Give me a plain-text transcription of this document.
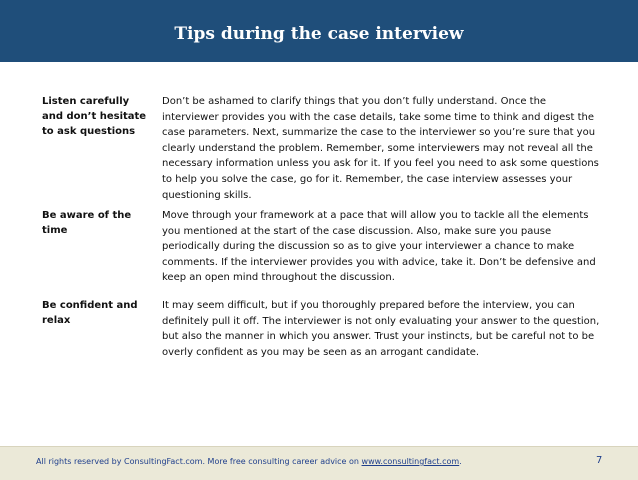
Tips during the case interview
Listen carefully and don’t hesitate to ask questions
Don’t be ashamed to clarify things that you don’t fully understand. Once the interviewer provides you with the case details, take some time to think and digest the case parameters. Next, summarize the case to the interviewer so you’re sure that you clearly understand the problem. Remember, some interviewers may not reveal all the necessary information unless you ask for it. If you feel you need to ask some questions to help you solve the case, go for it. Remember, the case interview assesses your questioning skills.
Be aware of the time
Move through your framework at a pace that will allow you to tackle all the elements you mentioned at the start of the case discussion. Also, make sure you pause periodically during the discussion so as to give your interviewer a chance to make comments. If the interviewer provides you with advice, take it. Don’t be defensive and keep an open mind throughout the discussion.
Be confident and relax
It may seem difficult, but if you thoroughly prepared before the interview, you can definitely pull it off. The interviewer is not only evaluating your answer to the question, but also the manner in which you answer. Trust your instincts, but be careful not to be overly confident as you may be seen as an arrogant candidate.
All rights reserved by ConsultingFact.com. More free consulting career advice on www.consultingfact.com.	7
